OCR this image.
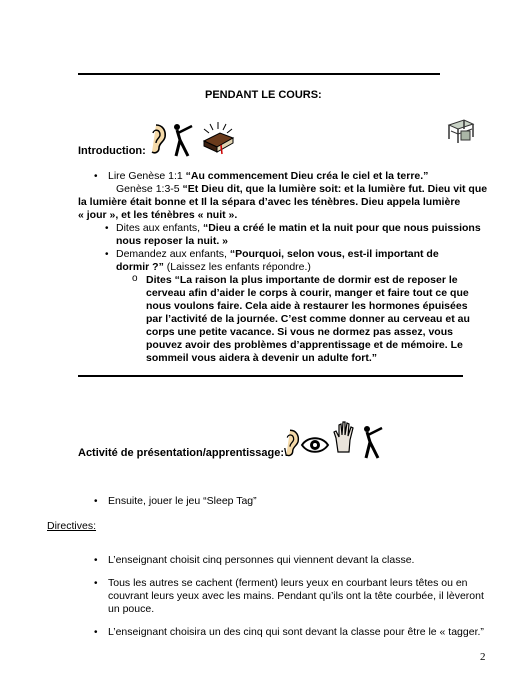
PENDANT LE COURS:
Introduction:
• Lire Genèse 1:1 “Au commencement Dieu créa le ciel et la terre.”
Genèse 1:3-5 “Et Dieu dit, que la lumière soit: et la lumière fut. Dieu vit que
la lumière était bonne et Il la sépara d’avec les ténèbres. Dieu appela lumière
« jour », et les ténèbres « nuit ».
• Dites aux enfants, “Dieu a créé le matin et la nuit pour que nous puissions
nous reposer la nuit. »
• Demandez aux enfants, “Pourquoi, selon vous, est-il important de
dormir ?” (Laissez les enfants répondre.)
o Dites “La raison la plus importante de dormir est de reposer le
cerveau afin d’aider le corps à courir, manger et faire tout ce que
nous voulons faire. Cela aide à restaurer les hormones épuisées
par l’activité de la journée. C’est comme donner au cerveau et au
corps une petite vacance. Si vous ne dormez pas assez, vous
pouvez avoir des problèmes d’apprentissage et de mémoire. Le
sommeil vous aidera à devenir un adulte fort.”
Activité de présentation/apprentissage:\
• Ensuite, jouer le jeu “Sleep Tag”
Directives:
• L’enseignant choisit cinq personnes qui viennent devant la classe.
• Tous les autres se cachent (ferment) leurs yeux en courbant leurs têtes ou en
couvrant leurs yeux avec les mains. Pendant qu’ils ont la tête courbée, il lèveront
un pouce.
• L’enseignant choisira un des cinq qui sont devant la classe pour être le « tagger.”
2
